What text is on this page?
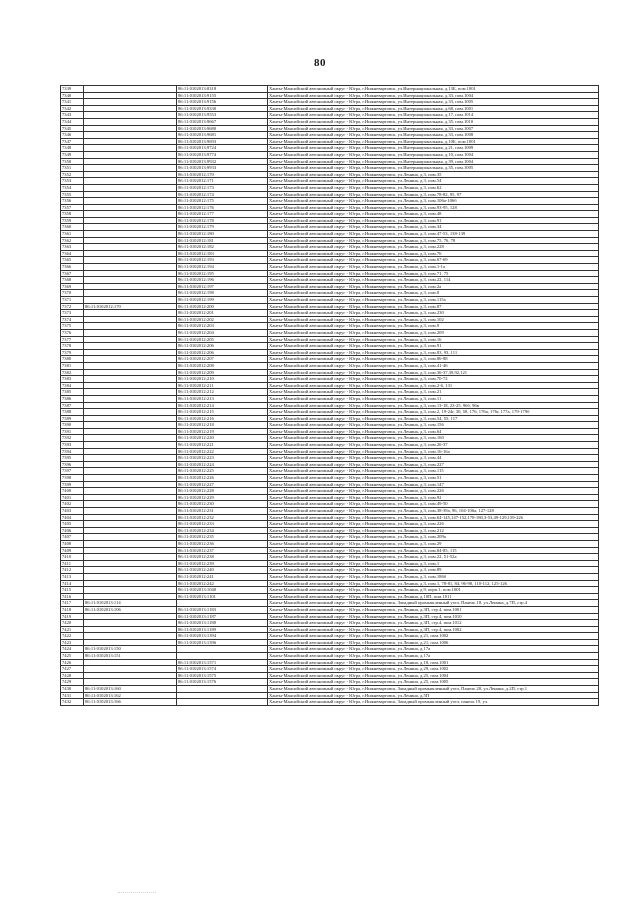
80
7339		86:11:0102013:8318	Ханты-Мансийский автономный округ - Югра, г.Нижневартовск, ул.Интернациональная, д.13Б, пом.1001
7340		86:11:0102013:9155	Ханты-Мансийский автономный округ - Югра, г.Нижневартовск, ул.Интернациональная, д.33, пом.1004
7341		86:11:0102013:9156	Ханты-Мансийский автономный округ - Югра, г.Нижневартовск, ул.Интернациональная, д.33, пом.1005
7342		86:11:0102013:9330	Ханты-Мансийский автономный округ - Югра, г.Нижневартовск, ул.Интернациональная, д.68, пом.1001
7343		86:11:0102013:9553	Ханты-Мансийский автономный округ - Югра, г.Нижневартовск, ул.Интернациональная, д.17, пом.1014
7344		86:11:0102013:9667	Ханты-Мансийский автономный округ - Югра, г.Нижневартовск, ул.Интернациональная, д.35, пом.1010
7345		86:11:0102013:9680	Ханты-Мансийский автономный округ - Югра, г.Нижневартовск, ул.Интернациональная, д.33, пом.1007
7346		86:11:0102013:9681	Ханты-Мансийский автономный округ - Югра, г.Нижневартовск, ул.Интернациональная, д.33, пом.1008
7347		86:11:0102013:9693	Ханты-Мансийский автономный округ - Югра, г.Нижневартовск, ул.Интернациональная, д.10Б, пом.1001
7348		86:11:0102013:9724	Ханты-Мансийский автономный округ - Югра, г.Нижневартовск, ул.Интернациональная, д.21, пом.1009
7349		86:11:0102013:9774	Ханты-Мансийский автономный округ - Югра, г.Нижневартовск, ул.Интернациональная, д.10, пом.1004
7350		86:11:0102013:9932	Ханты-Мансийский автономный округ - Югра, г.Нижневартовск, ул.Интернациональная, д.39, пом.1004
7351		86:11:0102013:9933	Ханты-Мансийский автономный округ - Югра, г.Нижневартовск, ул.Интернациональная, д.35, пом.1005
7352		86:11:0102012:170	Ханты-Мансийский автономный округ - Югра, г.Нижневартовск, ул.Ленина, д.3, пом.35
7353		86:11:0102012:171	Ханты-Мансийский автономный округ - Югра, г.Нижневартовск, ул.Ленина, д.3, пом.54
7354		86:11:0102012:173	Ханты-Мансийский автономный округ - Югра, г.Нижневартовск, ул.Ленина, д.3, пом.62
7355		86:11:0102012:174	Ханты-Мансийский автономный округ - Югра, г.Нижневартовск, ул.Ленина, д.3, пом.78-82, 95, 97
7356		86:11:0102012:175	Ханты-Мансийский автономный округ - Югра, г.Нижневартовск, ул.Ленина, д.3, пом.106а-106б
7357		86:11:0102012:176	Ханты-Мансийский автономный округ - Югра, г.Нижневартовск, ул.Ленина, д.3, пом.93-95, 128
7358		86:11:0102012:177	Ханты-Мансийский автономный округ - Югра, г.Нижневартовск, ул.Ленина, д.3, пом.48
7359		86:11:0102012:178	Ханты-Мансийский автономный округ - Югра, г.Нижневартовск, ул.Ленина, д.3, пом.91
7360		86:11:0102012:179	Ханты-Мансийский автономный округ - Югра, г.Нижневартовск, ул.Ленина, д.3, пом.34
7361		86:11:0102012:180	Ханты-Мансийский автономный округ - Югра, г.Нижневартовск, ул.Ленина, д.3, пом.47-53, 138-139
7362		86:11:0102012:181	Ханты-Мансийский автономный округ - Югра, г.Нижневартовск, ул.Ленина, д.3, пом.75, 76, 78
7363		86:11:0102012:182	Ханты-Мансийский автономный округ - Югра, г.Нижневартовск, ул.Ленина, д.3, пом.228
7364		86:11:0102012:183	Ханты-Мансийский автономный округ - Югра, г.Нижневартовск, ул.Ленина, д.3, пом.76
7365		86:11:0102012:193	Ханты-Мансийский автономный округ - Югра, г.Нижневартовск, ул.Ленина, д.3, пом.67-69
7366		86:11:0102012:194	Ханты-Мансийский автономный округ - Югра, г.Нижневартовск, ул.Ленина, д.3, пом.1-1а
7367		86:11:0102012:195	Ханты-Мансийский автономный округ - Югра, г.Нижневартовск, ул.Ленина, д.3, пом.71, 75
7368		86:11:0102012:196	Ханты-Мансийский автономный округ - Югра, г.Нижневартовск, ул.Ленина, д.3, пом.22, 114
7369		86:11:0102012:197	Ханты-Мансийский автономный округ - Югра, г.Нижневартовск, ул.Ленина, д.3, пом.2а
7370		86:11:0102012:198	Ханты-Мансийский автономный округ - Югра, г.Нижневартовск, ул.Ленина, д.3, пом.8
7371		86:11:0102012:199	Ханты-Мансийский автономный округ - Югра, г.Нижневартовск, ул.Ленина, д.3, пом.115а
7372	86:11:0102012:170	86:11:0102012:200	Ханты-Мансийский автономный округ - Югра, г.Нижневартовск, ул.Ленина, д.3, пом.87
7373		86:11:0102012:201	Ханты-Мансийский автономный округ - Югра, г.Нижневартовск, ул.Ленина, д.3, пом.230
7374		86:11:0102012:202	Ханты-Мансийский автономный округ - Югра, г.Нижневартовск, ул.Ленина, д.3, пом.102
7375		86:11:0102012:203	Ханты-Мансийский автономный округ - Югра, г.Нижневартовск, ул.Ленина, д.3, пом.9
7376		86:11:0102012:204	Ханты-Мансийский автономный округ - Югра, г.Нижневартовск, ул.Ленина, д.3, пом.209
7377		86:11:0102012:205	Ханты-Мансийский автономный округ - Югра, г.Нижневартовск, ул.Ленина, д.3, пом.16
7378		86:11:0102012:206	Ханты-Мансийский автономный округ - Югра, г.Нижневартовск, ул.Ленина, д.3, пом.91
7379		86:11:0102012:206	Ханты-Мансийский автономный округ - Югра, г.Нижневартовск, ул.Ленина, д.3, пом.83, 93, 111
7380		86:11:0102012:207	Ханты-Мансийский автономный округ - Югра, г.Нижневартовск, ул.Ленина, д.3, пом.86-88
7381		86:11:0102012:208	Ханты-Мансийский автономный округ - Югра, г.Нижневартовск, ул.Ленина, д.3, пом.41-46
7382		86:11:0102012:209	Ханты-Мансийский автономный округ - Югра, г.Нижневартовск, ул.Ленина, д.3, пом.36-37,39,92,121
7383		86:11:0102012:210	Ханты-Мансийский автономный округ - Югра, г.Нижневартовск, ул.Ленина, д.3, пом.70-72
7384		86:11:0102012:211	Ханты-Мансийский автономный округ - Югра, г.Нижневартовск, ул.Ленина, д.3, пом.2-6, 131
7385		86:11:0102012:212	Ханты-Мансийский автономный округ - Югра, г.Нижневартовск, ул.Ленина, д.3, пом.21
7386		86:11:0102012:213	Ханты-Мансийский автономный округ - Югра, г.Нижневартовск, ул.Ленина, д.3, пом.11
7387		86:11:0102012:214	Ханты-Мансийский автономный округ - Югра, г.Нижневартовск, ул.Ленина, д.3, пом.13-18, 23-25, 96б, 96в
7388		86:11:0102012:215	Ханты-Мансийский автономный округ - Югра, г.Нижневартовск, ул.Ленина, д.3, пом.2, 19-24г, 30, 58, 176, 176а, 176г, 177а, 179-179б
7389		86:11:0102012:216	Ханты-Мансийский автономный округ - Югра, г.Нижневартовск, ул.Ленина, д.3, пом.54, 55, 117
7390		86:11:0102012:218	Ханты-Мансийский автономный округ - Югра, г.Нижневартовск, ул.Ленина, д.3, пом.156
7391		86:11:0102012:219	Ханты-Мансийский автономный округ - Югра, г.Нижневартовск, ул.Ленина, д.3, пом.64
7392		86:11:0102012:220	Ханты-Мансийский автономный округ - Югра, г.Нижневартовск, ул.Ленина, д.3, пом.160
7393		86:11:0102012:221	Ханты-Мансийский автономный округ - Югра, г.Нижневартовск, ул.Ленина, д.3, пом.26-37
7394		86:11:0102012:222	Ханты-Мансийский автономный округ - Югра, г.Нижневартовск, ул.Ленина, д.3, пом.16-16а
7395		86:11:0102012:223	Ханты-Мансийский автономный округ - Югра, г.Нижневартовск, ул.Ленина, д.3, пом.44
7396		86:11:0102012:224	Ханты-Мансийский автономный округ - Югра, г.Нижневартовск, ул.Ленина, д.3, пом.227
7397		86:11:0102012:225	Ханты-Мансийский автономный округ - Югра, г.Нижневартовск, ул.Ленина, д.3, пом.115
7398		86:11:0102012:226	Ханты-Мансийский автономный округ - Югра, г.Нижневартовск, ул.Ленина, д.3, пом.51
7399		86:11:0102012:227	Ханты-Мансийский автономный округ - Югра, г.Нижневартовск, ул.Ленина, д.3, пом.147
7400		86:11:0102012:228	Ханты-Мансийский автономный округ - Югра, г.Нижневартовск, ул.Ленина, д.3, пом.226
7401		86:11:0102012:229	Ханты-Мансийский автономный округ - Югра, г.Нижневартовск, ул.Ленина, д.3, пом.92
7402		86:11:0102012:230	Ханты-Мансийский автономный округ - Югра, г.Нижневартовск, ул.Ленина, д.3, пом.49-50
7403		86:11:0102012:231	Ханты-Мансийский автономный округ - Югра, г.Нижневартовск, ул.Ленина, д.3, пом.38-39а, 96, 104-106а, 127-128
7404		86:11:0102012:232	Ханты-Мансийский автономный округ - Югра, г.Нижневартовск, ул.Ленина, д.3, пом.64-145,147-152,178-180,3-53,49-129,159-226
7405		86:11:0102012:233	Ханты-Мансийский автономный округ - Югра, г.Нижневартовск, ул.Ленина, д.3, пом.226
7406		86:11:0102012:234	Ханты-Мансийский автономный округ - Югра, г.Нижневартовск, ул.Ленина, д.3, пом.212
7407		86:11:0102012:235	Ханты-Мансийский автономный округ - Югра, г.Нижневартовск, ул.Ленина, д.3, пом.209а
7408		86:11:0102012:236	Ханты-Мансийский автономный округ - Югра, г.Нижневартовск, ул.Ленина, д.3, пом.29
7409		86:11:0102012:237	Ханты-Мансийский автономный округ - Югра, г.Нижневартовск, ул.Ленина, д.3, пом.84-85, 115
7410		86:11:0102012:238	Ханты-Мансийский автономный округ - Югра, г.Нижневартовск, ул.Ленина, д.3, пом.22, 51-52а
7411		86:11:0102012:239	Ханты-Мансийский автономный округ - Югра, г.Нижневартовск, ул.Ленина, д.3, пом.1
7412		86:11:0102012:240	Ханты-Мансийский автономный округ - Югра, г.Нижневартовск, ул.Ленина, д.3, пом.89
7413		86:11:0102012:241	Ханты-Мансийский автономный округ - Югра, г.Нижневартовск, ул.Ленина, д.3, пом.186б
7414		86:11:0102012:242	Ханты-Мансийский автономный округ - Югра, г.Нижневартовск, ул.Ленина, д.3, пом.1, 78-81, 84, 96-98, 110-112, 125-126
7415		86:11:0102013:1040	Ханты-Мансийский автономный округ - Югра, г.Нижневартовск, ул.Ленина, д.9, корп.1, пом.1001
7416		86:11:0102013:1101	Ханты-Мансийский автономный округ - Югра, г.Нижневартовск, ул.Ленина, д.10П, пом.1011
7417	86:11:0102013:114		Ханты-Мансийский автономный округ - Югра, г.Нижневартовск, Западный промышленный узел, Панель 18, ул.Ленина, д.7П, стр.4
7418	86:11:0102013:106	86:11:0102013:1183	Ханты-Мансийский автономный округ - Югра, г.Нижневартовск, ул.Ленина, д.3П, стр.4, пом.1001
7419		86:11:0102013:1187	Ханты-Мансийский автономный округ - Югра, г.Нижневартовск, ул.Ленина, д.3П, стр.4, пом.1010
7420		86:11:0102013:1188	Ханты-Мансийский автономный округ - Югра, г.Нижневартовск, ул.Ленина, д.3П, стр.4, пом.1012
7421		86:11:0102013:1189	Ханты-Мансийский автономный округ - Югра, г.Нижневартовск, ул.Ленина, д.3П, стр.4, пом.1002
7422		86:11:0102013:1394	Ханты-Мансийский автономный округ - Югра, г.Нижневартовск, ул.Ленина, д.21, пом.1002
7423		86:11:0102013:1396	Ханты-Мансийский автономный округ - Югра, г.Нижневартовск, ул.Ленина, д.21, пом.1006
7424	86:11:0102013:150		Ханты-Мансийский автономный округ - Югра, г.Нижневартовск, ул.Ленина, д.17а
7425	86:11:0102013:151		Ханты-Мансийский автономный округ - Югра, г.Нижневартовск, ул.Ленина, д.17а
7426		86:11:0102013:1571	Ханты-Мансийский автономный округ - Югра, г.Нижневартовск, ул.Ленина, д.18, пом.1001
7427		86:11:0102013:1574	Ханты-Мансийский автономный округ - Югра, г.Нижневартовск, ул.Ленина, д.29, пом.1002
7428		86:11:0102013:1575	Ханты-Мансийский автономный округ - Югра, г.Нижневартовск, ул.Ленина, д.25, пом.1004
7429		86:11:0102013:1576	Ханты-Мансийский автономный округ - Югра, г.Нижневартовск, ул.Ленина, д.25, пом.1005
7430	86:11:0102013:160		Ханты-Мансийский автономный округ - Югра, г.Нижневартовск, Западный промышленный узел, Панель 20, ул.Ленина, д.2П, стр.1
7431	86:11:0102013:162		Ханты-Мансийский автономный округ - Югра, г.Нижневартовск, ул.Ленина, д.5П
7432	86:11:0102013:166		Ханты-Мансийский автономный округ - Югра, г.Нижневартовск, Западный промышленный узел, панель 19, ул.
